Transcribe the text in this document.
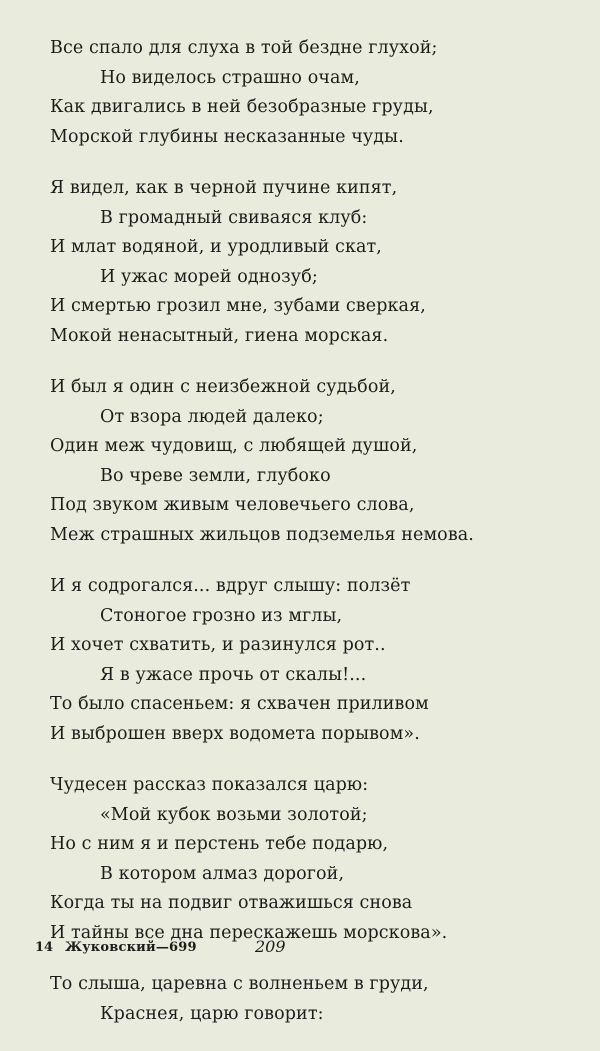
Все спало для слуха в той бездне глухой;
Но виделось страшно очам,
Как двигались в ней безобразные груды,
Морской глубины несказанные чуды.
Я видел, как в черной пучине кипят,
В громадный свиваяся клуб:
И млат водяной, и уродливый скат,
И ужас морей однозуб;
И смертью грозил мне, зубами сверкая,
Мокой ненасытный, гиена морская.
И был я один с неизбежной судьбой,
От взора людей далеко;
Один меж чудовищ, с любящей душой,
Во чреве земли, глубоко
Под звуком живым человечьего слова,
Меж страшных жильцов подземелья немова.
И я содрогался... вдруг слышу: ползёт
Стоногое грозно из мглы,
И хочет схватить, и разинулся рот..
Я в ужасе прочь от скалы!...
То было спасеньем: я схвачен приливом
И выброшен вверх водомета порывом».
Чудесен рассказ показался царю:
«Мой кубок возьми золотой;
Но с ним я и перстень тебе подарю,
В котором алмаз дорогой,
Когда ты на подвиг отважишься снова
И тайны все дна перескажешь морскова».
То слыша, царевна с волненьем в груди,
Краснея, царю говорит:
14 Жуковский—699	209
